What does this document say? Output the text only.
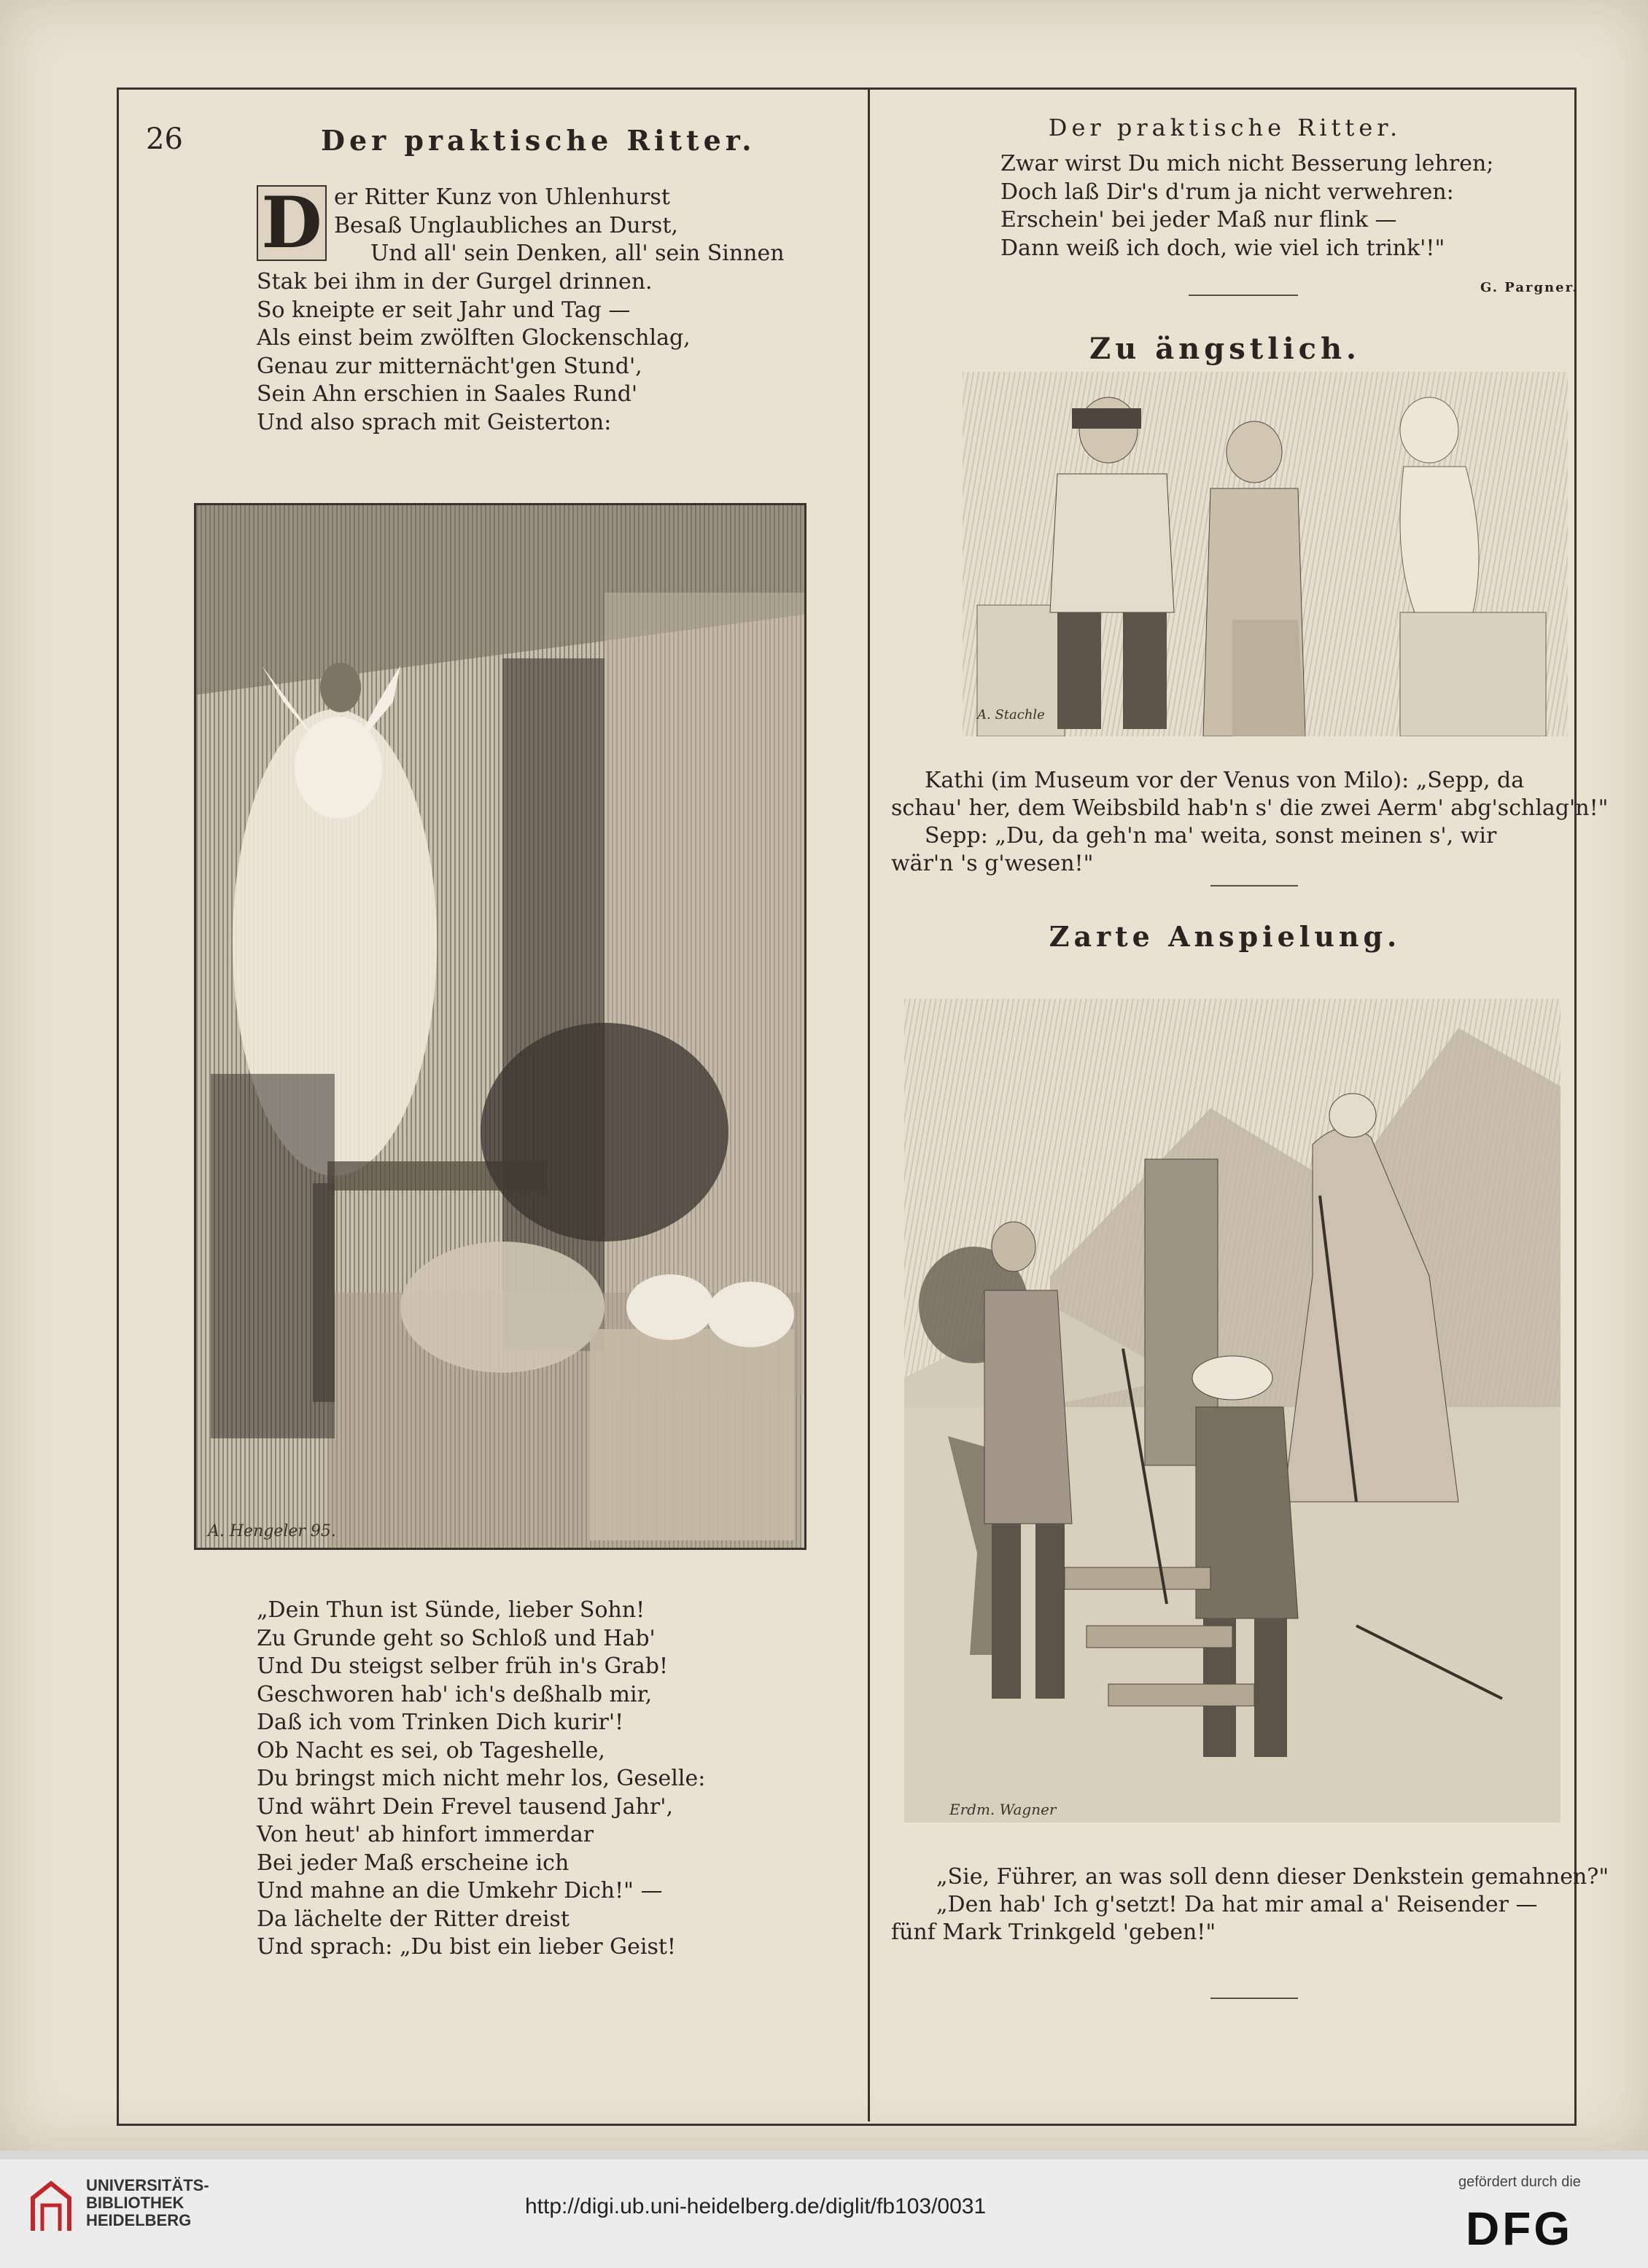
26	Der praktische Ritter.
D er Ritter Kunz von Uhlenhurst

Besaß Unglaubliches an Durst,

Und all' sein Denken, all' sein Sinnen

Stak bei ihm in der Gurgel drinnen.

So kneipte er seit Jahr und Tag —

Als einst beim zwölften Glockenschlag,

Genau zur mitternächt'gen Stund',

Sein Ahn erschien in Saales Rund'

Und also sprach mit Geisterton:

A. Hengeler 95.

„Dein Thun ist Sünde, lieber Sohn!

Zu Grunde geht so Schloß und Hab'

Und Du steigst selber früh in's Grab!

Geschworen hab' ich's deßhalb mir,

Daß ich vom Trinken Dich kurir'!

Ob Nacht es sei, ob Tageshelle,

Du bringst mich nicht mehr los, Geselle:

Und währt Dein Frevel tausend Jahr',

Von heut' ab hinfort immerdar

Bei jeder Maß erscheine ich

Und mahne an die Umkehr Dich!" —

Da lächelte der Ritter dreist

Und sprach: „Du bist ein lieber Geist!

Der praktische Ritter.

Zwar wirst Du mich nicht Besserung lehren;

Doch laß Dir's d'rum ja nicht verwehren:

Erschein' bei jeder Maß nur flink —

Dann weiß ich doch, wie viel ich trink'!"

G. Pargner.
Zu ängstlich.
A. Stachle

Kathi (im Museum vor der Venus von Milo): „Sepp, da

schau' her, dem Weibsbild hab'n s' die zwei Aerm' abg'schlag'n!"

Sepp: „Du, da geh'n ma' weita, sonst meinen s', wir

wär'n 's g'wesen!"

Zarte Anspielung.
Erdm. Wagner

„Sie, Führer, an was soll denn dieser Denkstein gemahnen?"

„Den hab' Ich g'setzt! Da hat mir amal a' Reisender —

fünf Mark Trinkgeld 'geben!"

UNIVERSITÄTS-
BIBLIOTHEK
HEIDELBERG
http://digi.ub.uni-heidelberg.de/diglit/fb103/0031
gefördert durch die
DFG
